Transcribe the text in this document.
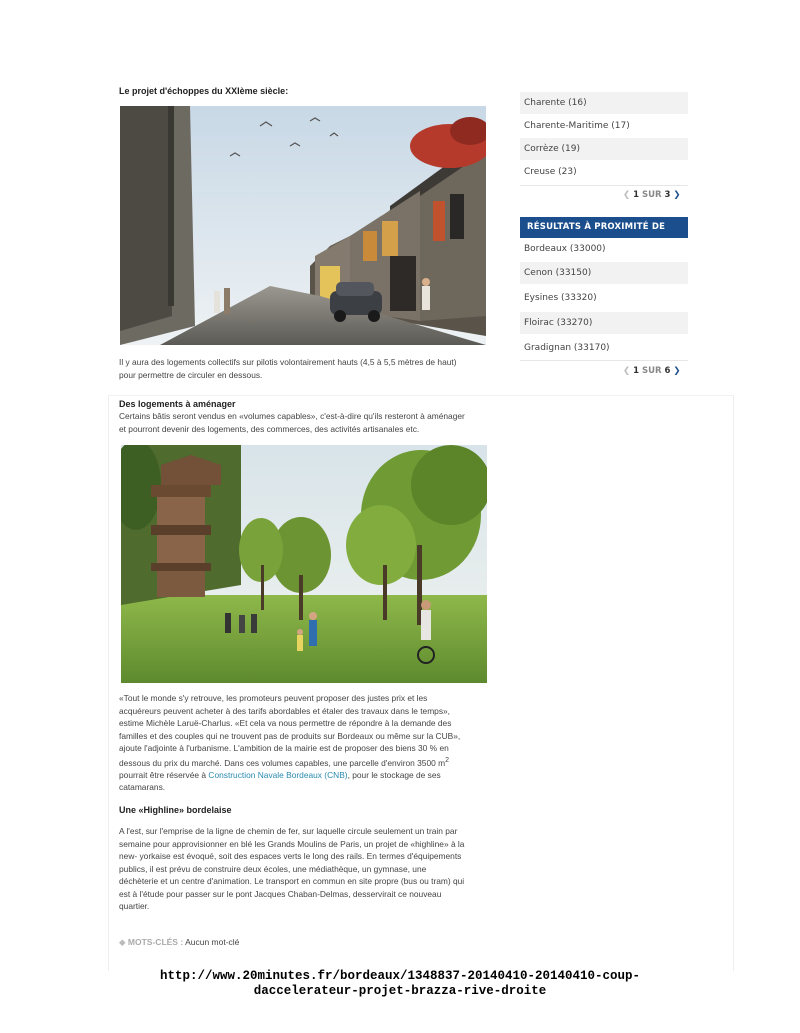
Le projet d'échoppes du XXIème siècle:
Il y aura des logements collectifs sur pilotis volontairement hauts (4,5 à 5,5 mètres de haut)
pour permettre de circuler en dessous.
Des logements à aménager
Certains bâtis seront vendus en «volumes capables», c'est-à-dire qu'ils resteront à aménager
et pourront devenir des logements, des commerces, des activités artisanales etc.
«Tout le monde s'y retrouve, les promoteurs peuvent proposer des justes prix et les
acquéreurs peuvent acheter à des tarifs abordables et étaler des travaux dans le temps»,
estime Michèle Laruë-Charlus. «Et cela va nous permettre de répondre à la demande des
familles et des couples qui ne trouvent pas de produits sur Bordeaux ou même sur la CUB»,
ajoute l'adjointe à l'urbanisme. L'ambition de la mairie est de proposer des biens 30 % en
dessous du prix du marché. Dans ces volumes capables, une parcelle d'environ 3500 $m^2$
pourrait être réservée à Construction Navale Bordeaux (CNB), pour le stockage de ses
catamarans.
Une «Highline» bordelaise
A l'est, sur l'emprise de la ligne de chemin de fer, sur laquelle circule seulement un train par
semaine pour approvisionner en blé les Grands Moulins de Paris, un projet de «highline» à la
new- yorkaise est évoqué, soit des espaces verts le long des rails. En termes d'équipements
publics, il est prévu de construire deux écoles, une médiathèque, un gymnase, une
déchèterie et un centre d'animation. Le transport en commun en site propre (bus ou tram) qui
est à l'étude pour passer sur le pont Jacques Chaban-Delmas, desservirait ce nouveau
quartier.
◆ MOTS-CLÉS : Aucun mot-clé
Charente (16)
Charente-Maritime (17)
Corrèze (19)
Creuse (23)
❮ 1 SUR 3 ❯
RÉSULTATS À PROXIMITÉ DE
Bordeaux (33000)
Cenon (33150)
Eysines (33320)
Floirac (33270)
Gradignan (33170)
❮ 1 SUR 6 ❯
http://www.20minutes.fr/bordeaux/1348837-20140410-20140410-coup-
daccelerateur-projet-brazza-rive-droite
